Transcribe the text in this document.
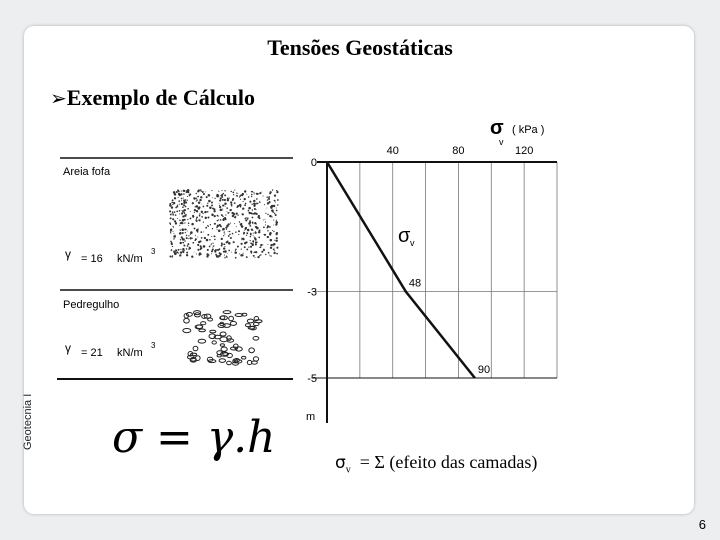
Geotecnia I
Tensões Geostáticas
➢Exemplo de Cálculo
Areia fofa
γ = 16 kN/m
3
Pedregulho
γ = 21 kN/m
3
40	80	120
0
-3
-5
48
90
σ
v
( kPa )
m
σ v
σ = γ.h	$\sigma_v = \Sigma$ (efeito das camadas)
6
